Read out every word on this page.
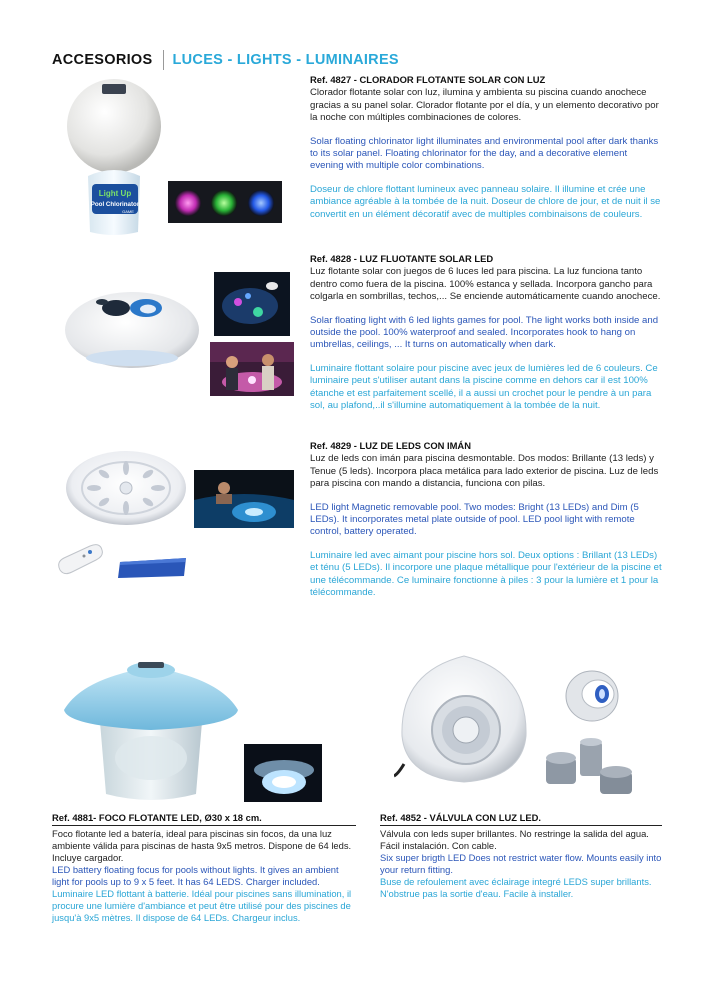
ACCESORIOS LUCES - LIGHTS - LUMINAIRES
Light Up
Pool Chlorinator
GAME
Ref. 4827 - CLORADOR FLOTANTE SOLAR CON LUZ
Clorador flotante solar con luz, ilumina y ambienta su piscina cuando anochece gracias a su panel solar. Clorador flotante por el día, y un elemento decorativo por la noche con múltiples combinaciones de colores.
Solar floating chlorinator light illuminates and environmental pool after dark thanks to its solar panel. Floating chlorinator for the day, and a decorative element evening with multiple color combinations.
Doseur de chlore flottant lumineux avec panneau solaire. Il illumine et crée une ambiance agréable à la tombée de la nuit. Doseur de chlore de jour, et de nuit il se convertit en un élément décoratif avec de multiples combinaisons de couleurs.
Ref. 4828 - LUZ FLUOTANTE SOLAR LED
Luz flotante solar con juegos de 6 luces led para piscina. La luz funciona tanto dentro como fuera de la piscina. 100% estanca y sellada. Incorpora gancho para colgarla en sombrillas, techos,... Se enciende automáticamente cuando anochece.
Solar floating light with 6 led lights games for pool. The light works both inside and outside the pool. 100% waterproof and sealed. Incorporates hook to hang on umbrellas, ceilings, ... It turns on automatically when dark.
Luminaire flottant solaire pour piscine avec jeux de lumières led de 6 couleurs. Ce luminaire peut s'utiliser autant dans la piscine comme en dehors car il est 100% étanche et est parfaitement scellé, il a aussi un crochet pour le pendre à un para sol, au plafond,..il s'illumine automatiquement à la tombée de la nuit.
Ref. 4829 - LUZ DE LEDS CON IMÁN
Luz de leds con imán para piscina desmontable. Dos modos: Brillante (13 leds) y Tenue (5 leds). Incorpora placa metálica para lado exterior de piscina. Luz de leds para piscina con mando a distancia, funciona con pilas.
LED light Magnetic removable pool. Two modes: Bright (13 LEDs) and Dim (5 LEDs). It incorporates metal plate outside of pool. LED pool light with remote control, battery operated.
Luminaire led avec aimant pour piscine hors sol. Deux options : Brillant (13 LEDs) et ténu (5 LEDs). Il incorpore une plaque métallique pour l'extérieur de la piscine et une télécommande. Ce luminaire fonctionne à piles : 3 pour la lumière et 1 pour la télécommande.
Ref. 4881- FOCO FLOTANTE LED, Ø30 x 18 cm.
Foco flotante led a batería, ideal para piscinas sin focos, da una luz ambiente válida para piscinas de hasta 9x5 metros. Dispone de 64 leds. Incluye cargador.
LED battery floating focus for pools without lights. It gives an ambient light for pools up to 9 x 5 feet. It has 64 LEDS. Charger included.
Luminaire LED flottant à batterie. Idéal pour piscines sans illumination, il procure une lumière d'ambiance et peut être utilisé pour des piscines de jusqu'à 9x5 mètres. Il dispose de 64 LEDs. Chargeur inclus.
Ref. 4852 - VÁLVULA CON LUZ LED.
Válvula con leds super brillantes. No restringe la salida del agua. Fácil instalación. Con cable.
Six super brigth LED Does not restrict water flow. Mounts easily into your return fitting.
Buse de refoulement avec éclairage integré LEDS super brillants. N'obstrue pas la sortie d'eau. Facile à installer.
